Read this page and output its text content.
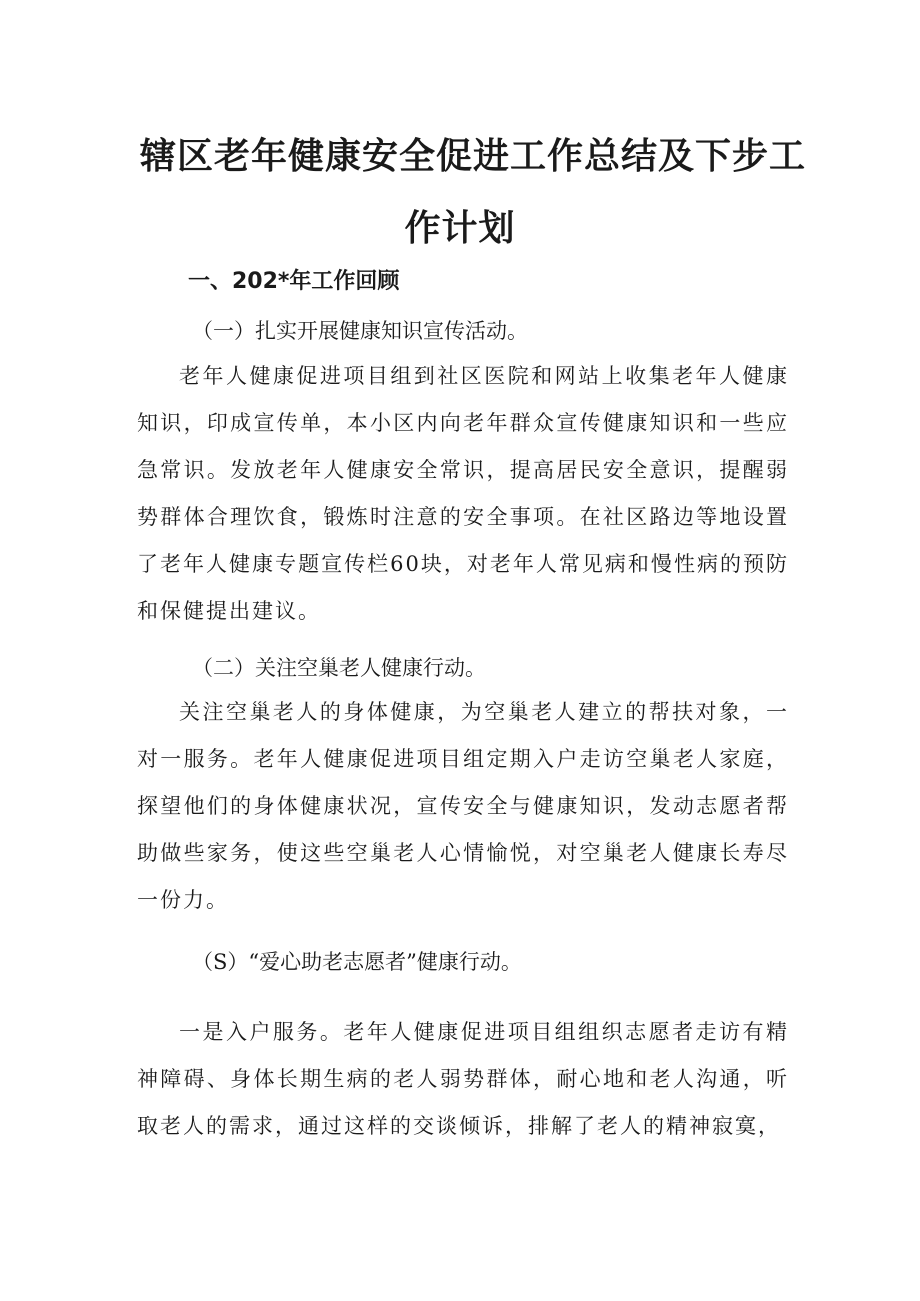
辖区老年健康安全促进工作总结及下步工
作计划
一、202*年工作回顾
（一）扎实开展健康知识宣传活动。

老年人健康促进项目组到社区医院和网站上收集老年人健康知识，印成宣传单，本小区内向老年群众宣传健康知识和一些应急常识。发放老年人健康安全常识，提高居民安全意识，提醒弱势群体合理饮食，锻炼时注意的安全事项。在社区路边等地设置了老年人健康专题宣传栏60块，对老年人常见病和慢性病的预防和保健提出建议。

（二）关注空巢老人健康行动。

关注空巢老人的身体健康，为空巢老人建立的帮扶对象，一对一服务。老年人健康促进项目组定期入户走访空巢老人家庭，探望他们的身体健康状况，宣传安全与健康知识，发动志愿者帮助做些家务，使这些空巢老人心情愉悦，对空巢老人健康长寿尽一份力。

（S）“爱心助老志愿者”健康行动。

一是入户服务。老年人健康促进项目组组织志愿者走访有精神障碍、身体长期生病的老人弱势群体，耐心地和老人沟通，听取老人的需求，通过这样的交谈倾诉，排解了老人的精神寂寞，
